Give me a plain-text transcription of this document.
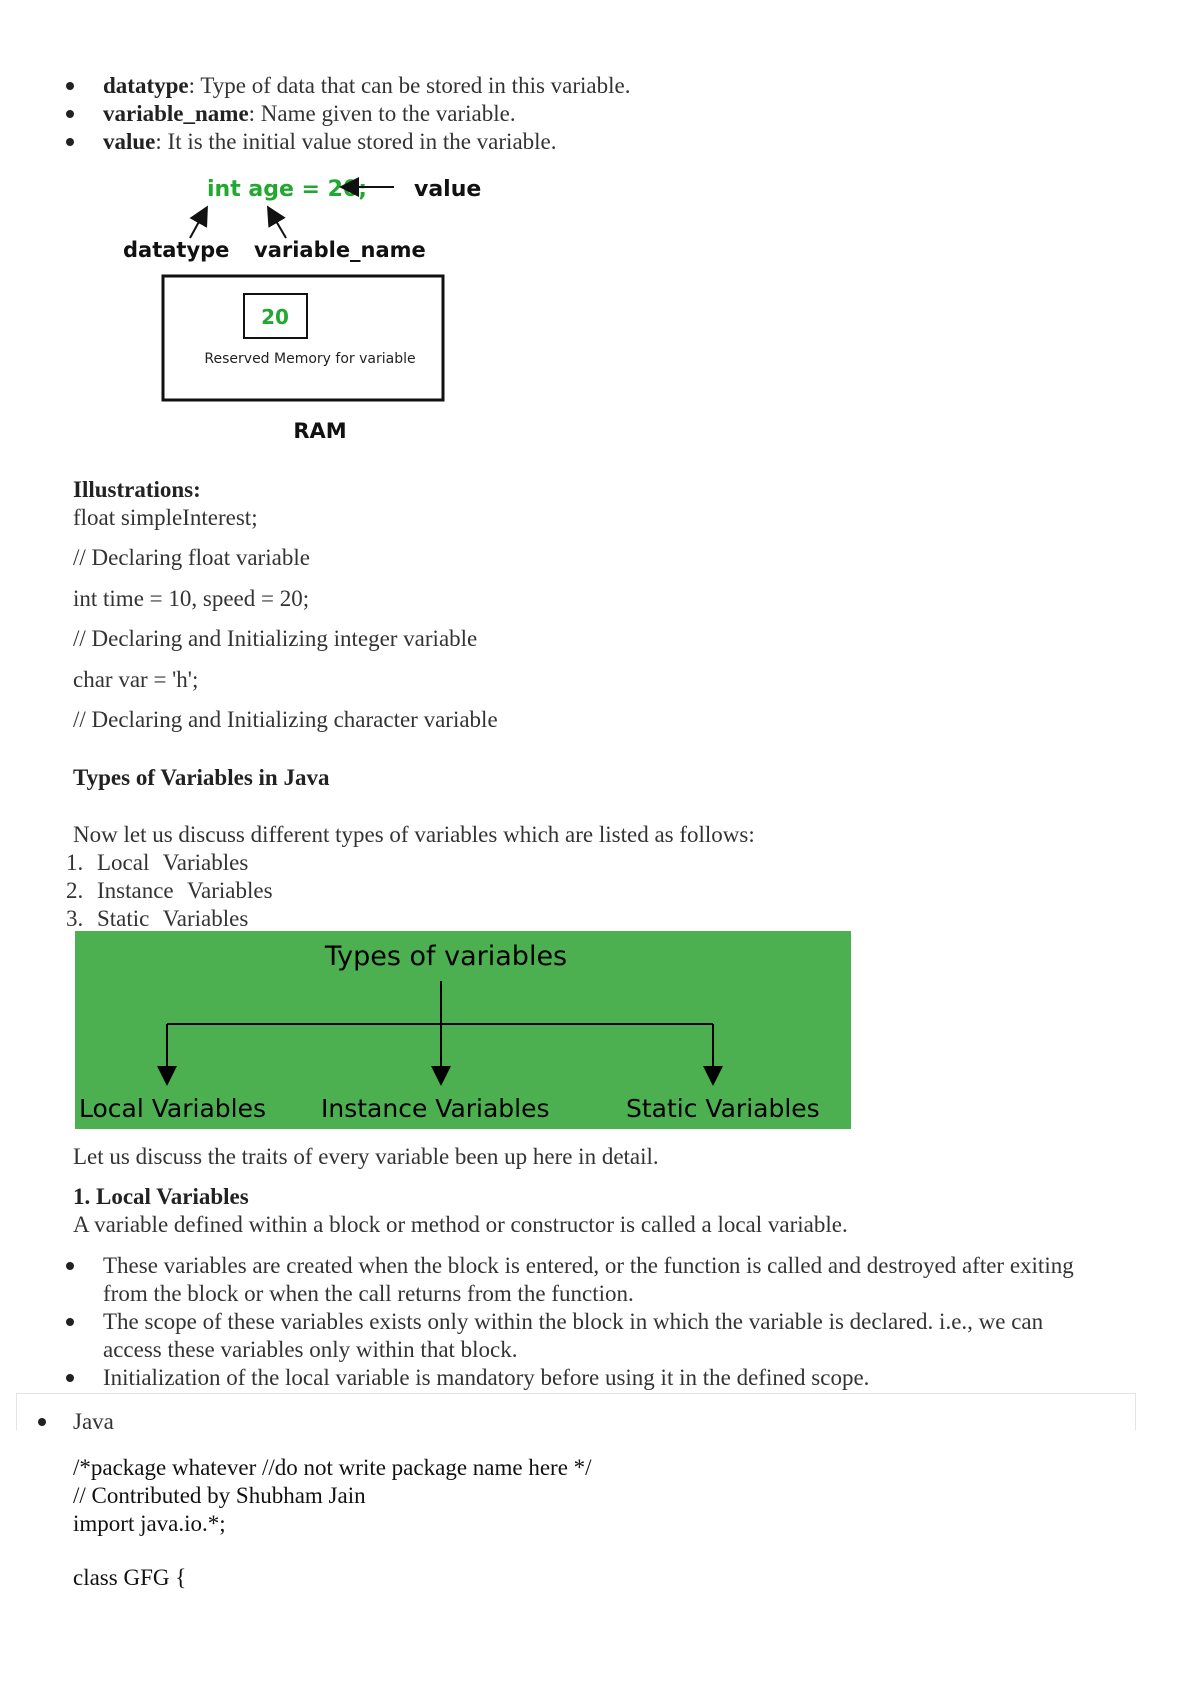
datatype: Type of data that can be stored in this variable.
variable_name: Name given to the variable.
value: It is the initial value stored in the variable.
int age = 20; value
datatype variable_name
20
Reserved Memory for variable
RAM
Illustrations:
float simpleInterest;
// Declaring float variable
int time = 10, speed = 20;
// Declaring and Initializing integer variable
char var = 'h';
// Declaring and Initializing character variable
Types of Variables in Java
Now let us discuss different types of variables which are listed as follows:
1. Local Variables
2. Instance Variables
3. Static Variables
Types of variables
Local Variables Instance Variables	Static Variables
Let us discuss the traits of every variable been up here in detail.
1. Local Variables
A variable defined within a block or method or constructor is called a local variable.
These variables are created when the block is entered, or the function is called and destroyed after exiting
from the block or when the call returns from the function.
The scope of these variables exists only within the block in which the variable is declared. i.e., we can
access these variables only within that block.
Initialization of the local variable is mandatory before using it in the defined scope.
Java
/*package whatever //do not write package name here */
// Contributed by Shubham Jain
import java.io.*;
class GFG {
